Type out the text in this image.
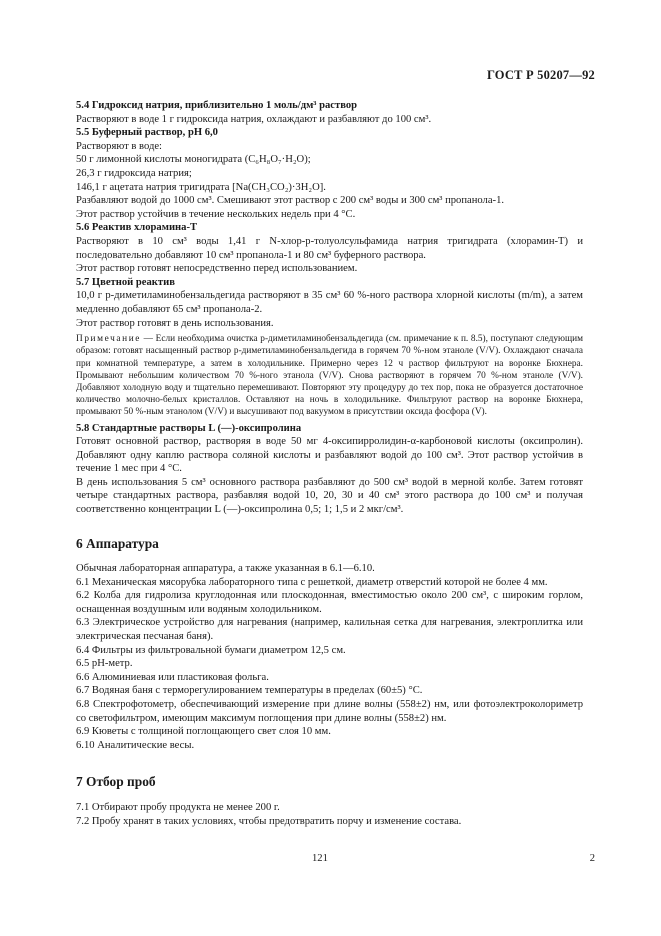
ГОСТ Р 50207—92

5.4 Гидроксид натрия, приблизительно 1 моль/дм³ раствор

Растворяют в воде 1 г гидроксида натрия, охлаждают и разбавляют до 100 см³.

5.5 Буферный раствор, pH 6,0

Растворяют в воде:

50 г лимонной кислоты моногидрата (C₆H₈O₇·H₂O);

26,3 г гидроксида натрия;

146,1 г ацетата натрия тригидрата [Na(CH₃CO₂)·3H₂O].

Разбавляют водой до 1000 см³. Смешивают этот раствор с 200 см³ воды и 300 см³ пропанола-1.

Этот раствор устойчив в течение нескольких недель при 4 °С.

5.6 Реактив хлорамина-Т

Растворяют в 10 см³ воды 1,41 г N-хлор-p-толуолсульфамида натрия тригидрата (хлорамин-Т) и последовательно добавляют 10 см³ пропанола-1 и 80 см³ буферного раствора.

Этот раствор готовят непосредственно перед использованием.

5.7 Цветной реактив

10,0 г p-диметиламинобензальдегида растворяют в 35 см³ 60 %-ного раствора хлорной кислоты (m/m), а затем медленно добавляют 65 см³ пропанола-2.

Этот раствор готовят в день использования.

Примечание — Если необходима очистка p-диметиламинобензальдегида (см. примечание к п. 8.5), поступают следующим образом: готовят насыщенный раствор p-диметиламинобензальдегида в горячем 70 %-ном этаноле (V/V). Охлаждают сначала при комнатной температуре, а затем в холодильнике. Примерно через 12 ч раствор фильтруют на воронке Бюхнера. Промывают небольшим количеством 70 %-ного этанола (V/V). Снова растворяют в горячем 70 %-ном этаноле (V/V). Добавляют холодную воду и тщательно перемешивают. Повторяют эту процедуру до тех пор, пока не образуется достаточное количество молочно-белых кристаллов. Оставляют на ночь в холодильнике. Фильтруют раствор на воронке Бюхнера, промывают 50 %-ным этанолом (V/V) и высушивают под вакуумом в присутствии оксида фосфора (V).

5.8 Стандартные растворы L (—)-оксипролина

Готовят основной раствор, растворяя в воде 50 мг 4-оксипирролидин-α-карбоновой кислоты (оксипролин). Добавляют одну каплю раствора соляной кислоты и разбавляют водой до 100 см³. Этот раствор устойчив в течение 1 мес при 4 °С.

В день использования 5 см³ основного раствора разбавляют до 500 см³ водой в мерной колбе. Затем готовят четыре стандартных раствора, разбавляя водой 10, 20, 30 и 40 см³ этого раствора до 100 см³ и получая соответственно концентрации L (—)-оксипролина 0,5; 1; 1,5 и 2 мкг/см³.

6 Аппаратура

Обычная лабораторная аппаратура, а также указанная в 6.1—6.10.

6.1 Механическая мясорубка лабораторного типа с решеткой, диаметр отверстий которой не более 4 мм.

6.2 Колба для гидролиза круглодонная или плоскодонная, вместимостью около 200 см³, с широким горлом, оснащенная воздушным или водяным холодильником.

6.3 Электрическое устройство для нагревания (например, калильная сетка для нагревания, электроплитка или электрическая песчаная баня).

6.4 Фильтры из фильтровальной бумаги диаметром 12,5 см.

6.5 pH-метр.

6.6 Алюминиевая или пластиковая фольга.

6.7 Водяная баня с терморегулированием температуры в пределах (60±5) °С.

6.8 Спектрофотометр, обеспечивающий измерение при длине волны (558±2) нм, или фотоэлектроколориметр со светофильтром, имеющим максимум поглощения при длине волны (558±2) нм.

6.9 Кюветы с толщиной поглощающего свет слоя 10 мм.

6.10 Аналитические весы.

7 Отбор проб

7.1 Отбирают пробу продукта не менее 200 г.

7.2 Пробу хранят в таких условиях, чтобы предотвратить порчу и изменение состава.

121	2
